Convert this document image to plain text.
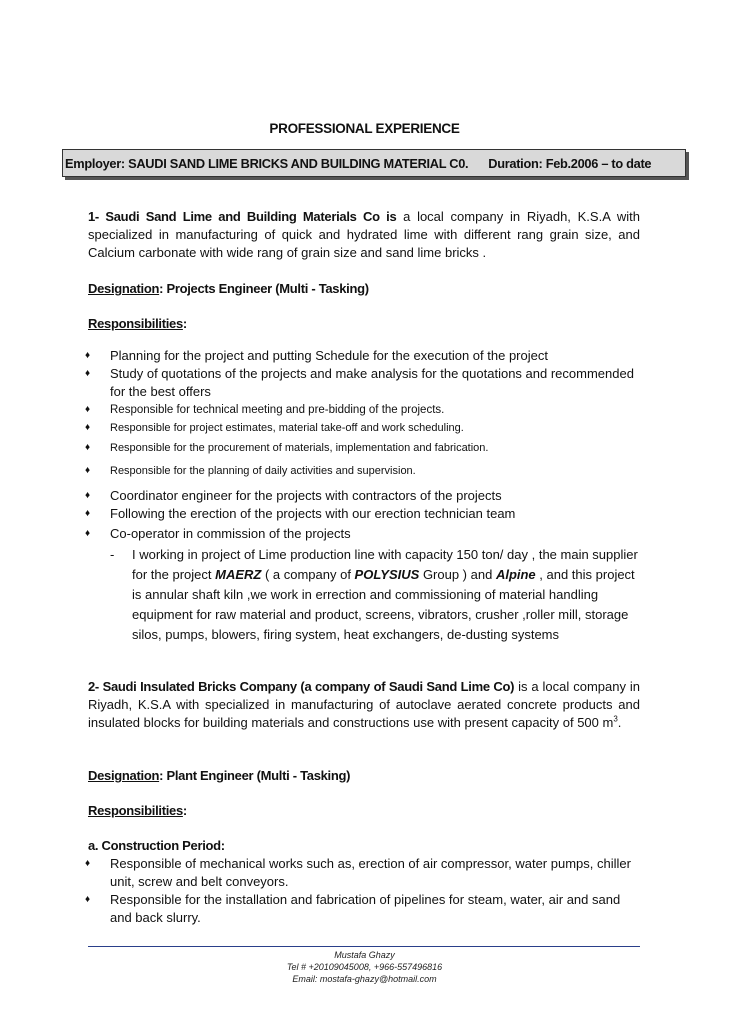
PROFESSIONAL EXPERIENCE
Employer: SAUDI SAND LIME BRICKS AND BUILDING MATERIAL C0. Duration: Feb.2006 – to date
1- Saudi Sand Lime and Building Materials Co is a local company in Riyadh, K.S.A with specialized in manufacturing of quick and hydrated lime with different rang grain size, and Calcium carbonate with wide rang of grain size and sand lime bricks .
Designation: Projects Engineer (Multi - Tasking)
Responsibilities:
♦ Planning for the project and putting Schedule for the execution of the project
♦ Study of quotations of the projects and make analysis for the quotations and recommended for the best offers
♦ Responsible for technical meeting and pre-bidding of the projects.
♦ Responsible for project estimates, material take-off and work scheduling.
♦ Responsible for the procurement of materials, implementation and fabrication.
♦ Responsible for the planning of daily activities and supervision.
♦ Coordinator engineer for the projects with contractors of the projects
♦ Following the erection of the projects with our erection technician team
♦ Co-operator in commission of the projects
- I working in project of Lime production line with capacity 150 ton/ day , the main supplier for the project MAERZ ( a company of POLYSIUS Group ) and Alpine , and this project is annular shaft kiln ,we work in errection and commissioning of material handling equipment for raw material and product, screens, vibrators, crusher ,roller mill, storage silos, pumps, blowers, firing system, heat exchangers, de-dusting systems
2- Saudi Insulated Bricks Company (a company of Saudi Sand Lime Co) is a local company in Riyadh, K.S.A with specialized in manufacturing of autoclave aerated concrete products and insulated blocks for building materials and constructions use with present capacity of 500 $m^3$.
Designation: Plant Engineer (Multi - Tasking)
Responsibilities:
a. Construction Period:
♦ Responsible of mechanical works such as, erection of air compressor, water pumps, chiller unit, screw and belt conveyors.
♦ Responsible for the installation and fabrication of pipelines for steam, water, air and sand and back slurry.
Mustafa Ghazy
Tel # +20109045008, +966-557496816
Email: mostafa-ghazy@hotmail.com
